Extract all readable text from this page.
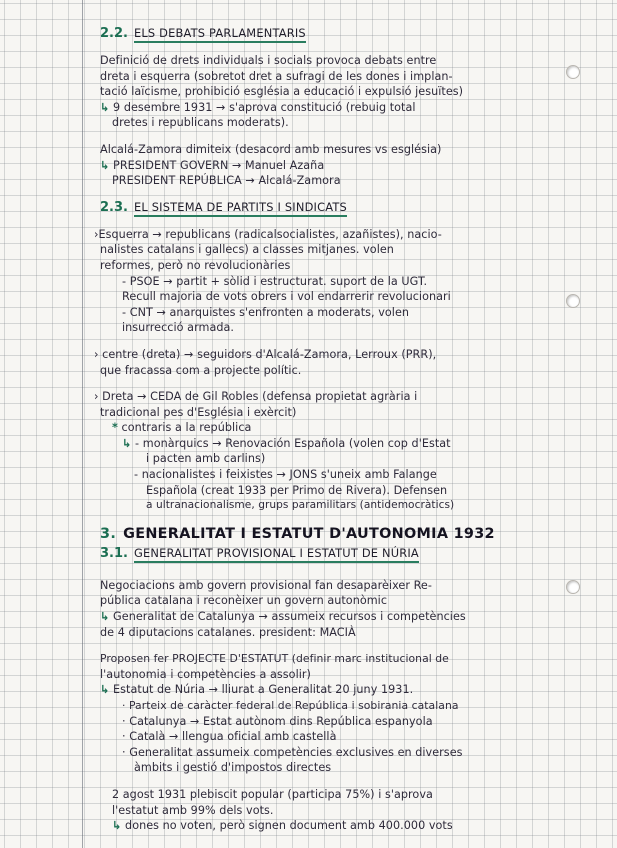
2.2. ELS DEBATS PARLAMENTARIS
Definició de drets individuals i socials provoca debats entre
dreta i esquerra (sobretot dret a sufragi de les dones i implan-
tació laïcisme, prohibició església a educació i expulsió jesuïtes)
↳ 9 desembre 1931 → s'aprova constitució (rebuig total
dretes i republicans moderats).
Alcalá-Zamora dimiteix (desacord amb mesures vs església)
↳ PRESIDENT GOVERN → Manuel Azaña
PRESIDENT REPÚBLICA → Alcalá-Zamora
2.3. EL SISTEMA DE PARTITS I SINDICATS
›Esquerra → republicans (radicalsocialistes, azañistes), nacio-
nalistes catalans i gallecs) a classes mitjanes. volen
reformes, però no revolucionàries
- PSOE → partit + sòlid i estructurat. suport de la UGT.
Recull majoria de vots obrers i vol endarrerir revolucionari
- CNT → anarquistes s'enfronten a moderats, volen
insurrecció armada.
› centre (dreta) → seguidors d'Alcalá-Zamora, Lerroux (PRR),
que fracassa com a projecte polític.
› Dreta → CEDA de Gil Robles (defensa propietat agrària i
tradicional pes d'Església i exèrcit)
* contraris a la república
↳ - monàrquics → Renovación Española (volen cop d'Estat
i pacten amb carlins)
- nacionalistes i feixistes → JONS s'uneix amb Falange
Española (creat 1933 per Primo de Rivera). Defensen
a ultranacionalisme, grups paramilitars (antidemocràtics)
3. GENERALITAT I ESTATUT D'AUTONOMIA 1932
3.1. GENERALITAT PROVISIONAL I ESTATUT DE NÚRIA
Negociacions amb govern provisional fan desaparèixer Re-
pública catalana i reconèixer un govern autonòmic
↳ Generalitat de Catalunya → assumeix recursos i competències
de 4 diputacions catalanes. president: MACIÀ
Proposen fer PROJECTE D'ESTATUT (definir marc institucional de
l'autonomia i competències a assolir)
↳ Estatut de Núria → lliurat a Generalitat 20 juny 1931.
· Parteix de caràcter federal de República i sobirania catalana
· Catalunya → Estat autònom dins República espanyola
· Català → llengua oficial amb castellà
· Generalitat assumeix competències exclusives en diverses
àmbits i gestió d'impostos directes
2 agost 1931 plebiscit popular (participa 75%) i s'aprova
l'estatut amb 99% dels vots.
↳ dones no voten, però signen document amb 400.000 vots
